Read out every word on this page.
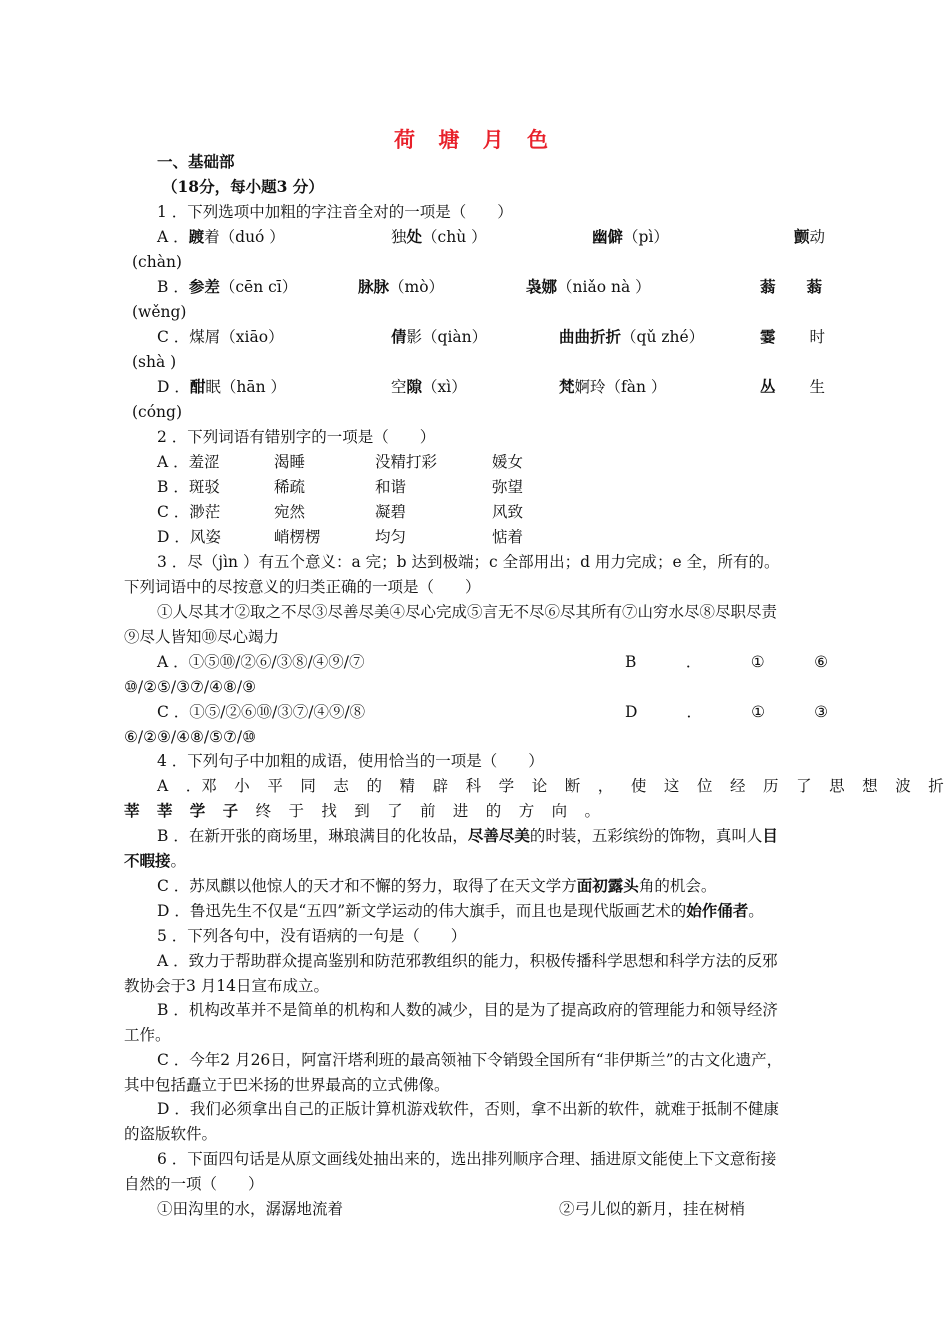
荷 塘 月 色
一、基础部
（18分，每小题3 分）
1 ．下列选项中加粗的字注音全对的一项是（　　）
A ．踱着（duó ）	独处（chù ）	幽僻（pì）	颤动
(chàn)
B ．参差（cēn cī）	脉脉（mò）	袅娜（niǎo nà ）	蓊　　蓊
(wěng)
C ．煤屑（xiāo）	倩影（qiàn）	曲曲折折（qǔ zhé）	霎 时
(shà )
D ．酣眠（hān ）	空隙（xì）	梵婀玲（fàn ）	丛 生
(cóng)
2 ．下列词语有错别字的一项是（　　）
A ．羞涩	渴睡	没精打彩	媛女
B ．斑驳	稀疏	和谐	弥望
C ．渺茫	宛然	凝碧	风致
D ．风姿	峭楞楞	均匀	惦着
3 ．尽（jìn ）有五个意义：a 完；b 达到极端；c 全部用出；d 用力完成；e 全，所有的。
下列词语中的尽按意义的归类正确的一项是（　　）
①人尽其才②取之不尽③尽善尽美④尽心完成⑤言无不尽⑥尽其所有⑦山穷水尽⑧尽职尽责
⑨尽人皆知⑩尽心竭力
A ．①⑤⑩/②⑥/③⑧/④⑨/⑦	B	．	①	⑥
⑩/②⑤/③⑦/④⑧/⑨
C ．①⑤/②⑥⑩/③⑦/④⑨/⑧	D	．	①	③
⑥/②⑨/④⑧/⑤⑦/⑩
4 ．下列句子中加粗的成语，使用恰当的一项是（　　）
A ．邓 小 平 同 志 的 精 辟 科 学 论 断 ， 使 这 位 经 历 了 思 想 波 折
莘 莘 学 子 终 于 找 到 了 前 进 的 方 向 。
B ．在新开张的商场里，琳琅满目的化妆品，尽善尽美的时装，五彩缤纷的饰物，真叫人目
不暇接。
C ．苏凤麒以他惊人的天才和不懈的努力，取得了在天文学方面初露头角的机会。
D ．鲁迅先生不仅是“五四”新文学运动的伟大旗手，而且也是现代版画艺术的始作俑者。
5 ．下列各句中，没有语病的一句是（　　）
A ．致力于帮助群众提高鉴别和防范邪教组织的能力，积极传播科学思想和科学方法的反邪
教协会于3 月14日宣布成立。
B ．机构改革并不是简单的机构和人数的减少，目的是为了提高政府的管理能力和领导经济
工作。
C ．今年2 月26日，阿富汗塔利班的最高领袖下令销毁全国所有“非伊斯兰”的古文化遗产，
其中包括矗立于巴米扬的世界最高的立式佛像。
D ．我们必须拿出自己的正版计算机游戏软件，否则，拿不出新的软件，就难于抵制不健康
的盗版软件。
6 ．下面四句话是从原文画线处抽出来的，选出排列顺序合理、插进原文能使上下文意衔接
自然的一项（　　）
①田沟里的水，潺潺地流着	②弓儿似的新月，挂在树梢
